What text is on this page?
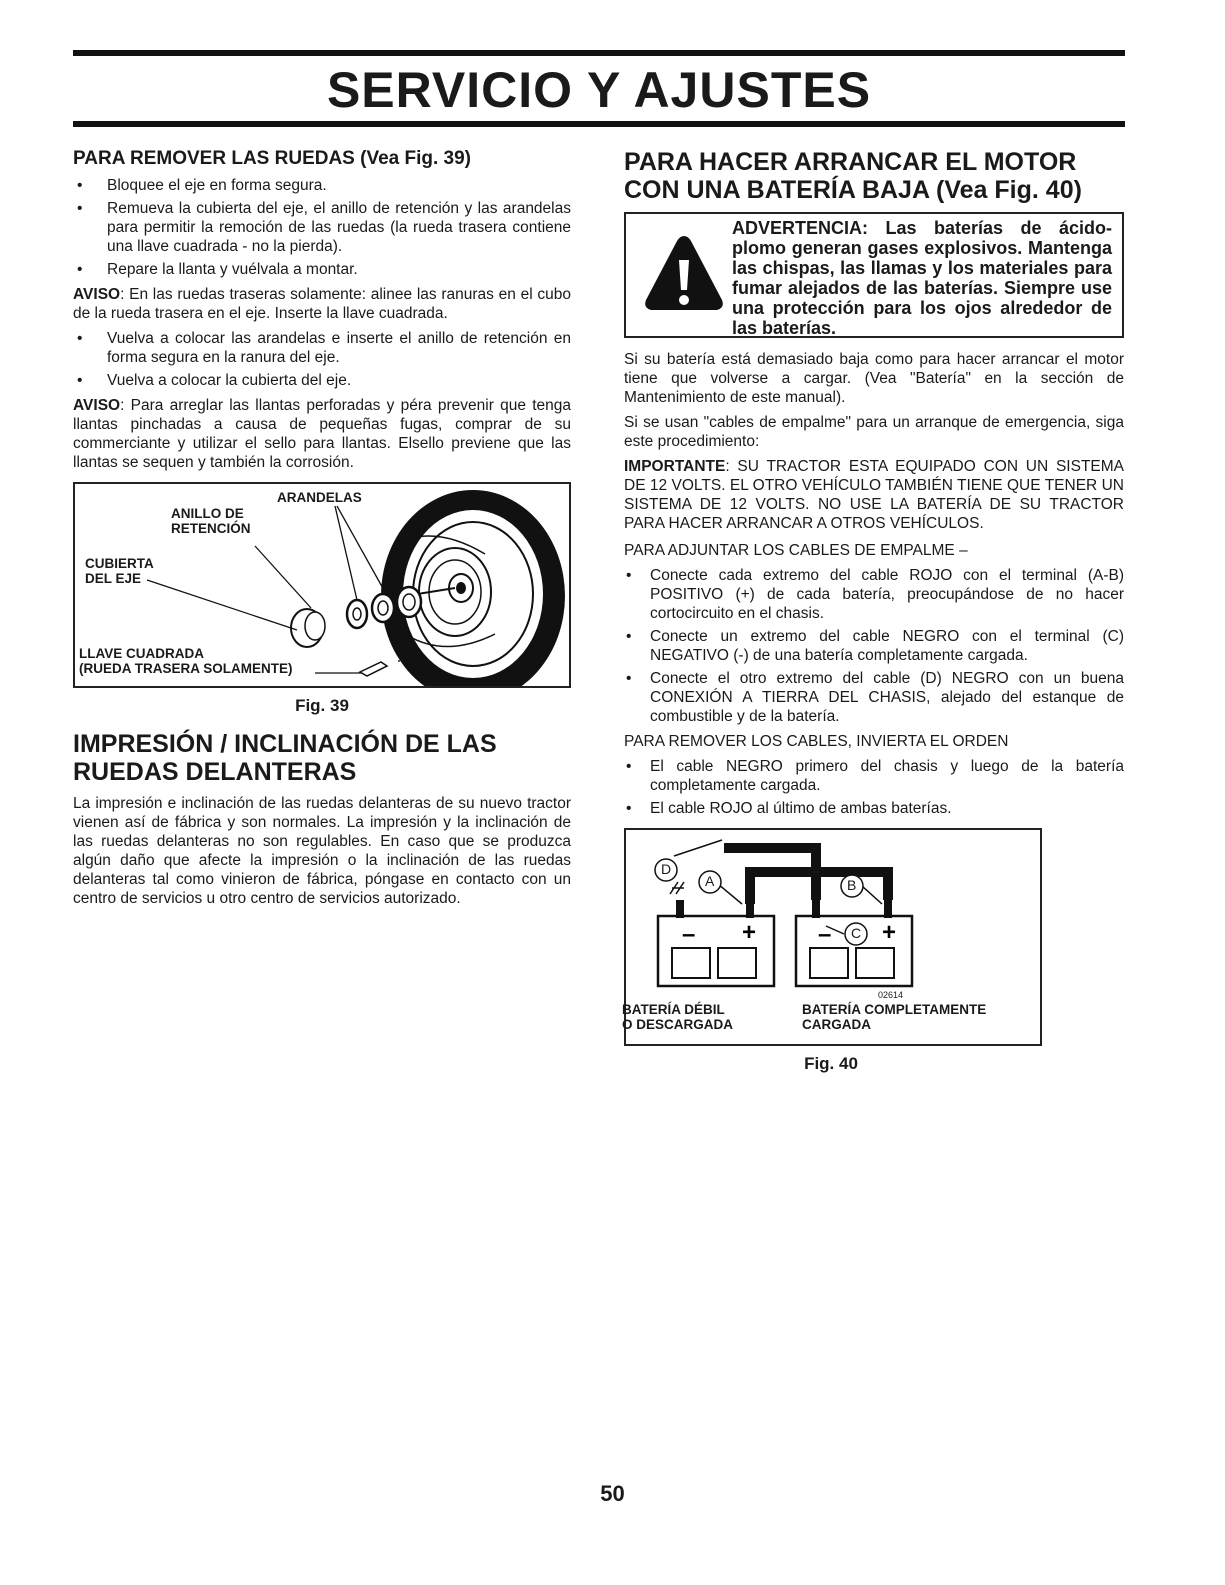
SERVICIO Y AJUSTES
PARA REMOVER LAS RUEDAS (Vea Fig. 39)
• Bloquee el eje en forma segura.
• Remueva la cubierta del eje, el anillo de retención y las arandelas para permitir la remoción de las ruedas (la rueda trasera contiene una llave cuadrada - no la pierda).
• Repare la llanta y vuélvala a montar.

AVISO: En las ruedas traseras solamente: alinee las ranuras en el cubo de la rueda trasera en el eje. Inserte la llave cuadrada.

• Vuelva a colocar las arandelas e inserte el anillo de retención en forma segura en la ranura del eje.
• Vuelva a colocar la cubierta del eje.

AVISO: Para arreglar las llantas perforadas y péra prevenir que tenga llantas pinchadas a causa de pequeñas fugas, comprar de su commerciante y utilizar el sello para llantas. Elsello previene que las llantas se sequen y también la corrosión.

ARANDELAS
ANILLO DE
RETENCIÓN
CUBIERTA
DEL EJE
LLAVE CUADRADA
(RUEDA TRASERA SOLAMENTE)
Fig. 39
IMPRESIÓN / INCLINACIÓN DE LAS RUEDAS DELANTERAS

La impresión e inclinación de las ruedas delanteras de su nuevo tractor vienen así de fábrica y son normales. La impresión y la inclinación de las ruedas delanteras no son regulables. En caso que se produzca algún daño que afecte la impresión o la inclinación de las ruedas delanteras tal como vinieron de fábrica, póngase en contacto con un centro de servicios u otro centro de servicios autorizado.

PARA HACER ARRANCAR EL MOTOR CON UNA BATERÍA BAJA (Vea Fig. 40)
ADVERTENCIA: Las baterías de ácido-plomo generan gases explosivos. Mantenga las chispas, las llamas y los materiales para fumar alejados de las baterías. Siempre use una protección para los ojos alrededor de las baterías.

Si su batería está demasiado baja como para hacer arrancar el motor tiene que volverse a cargar. (Vea "Batería" en la sección de Mantenimiento de este manual).

Si se usan "cables de empalme" para un arranque de emergencia, siga este procedimiento:

IMPORTANTE: SU TRACTOR ESTA EQUIPADO CON UN SISTEMA DE 12 VOLTS. EL OTRO VEHÍCULO TAMBIÉN TIENE QUE TENER UN SISTEMA DE 12 VOLTS. NO USE LA BATERÍA DE SU TRACTOR PARA HACER ARRANCAR A OTROS VEHÍCULOS.

PARA ADJUNTAR LOS CABLES DE EMPALME –

• Conecte cada extremo del cable ROJO con el terminal (A-B) POSITIVO (+) de cada batería, preocupándose de no hacer cortocircuito en el chasis.
• Conecte un extremo del cable NEGRO con el terminal (C) NEGATIVO (-) de una batería completamente cargada.
• Conecte el otro extremo del cable (D) NEGRO con un buena CONEXIÓN A TIERRA DEL CHASIS, alejado del estanque de combustible y de la batería.

PARA REMOVER LOS CABLES, INVIERTA EL ORDEN

• El cable NEGRO primero del chasis y luego de la batería completamente cargada.
• El cable ROJO al último de ambas baterías.
– +	– +
D
A	B
C
02614
BATERÍA DÉBIL
O DESCARGADA
BATERÍA COMPLETAMENTE
CARGADA
Fig. 40
50
